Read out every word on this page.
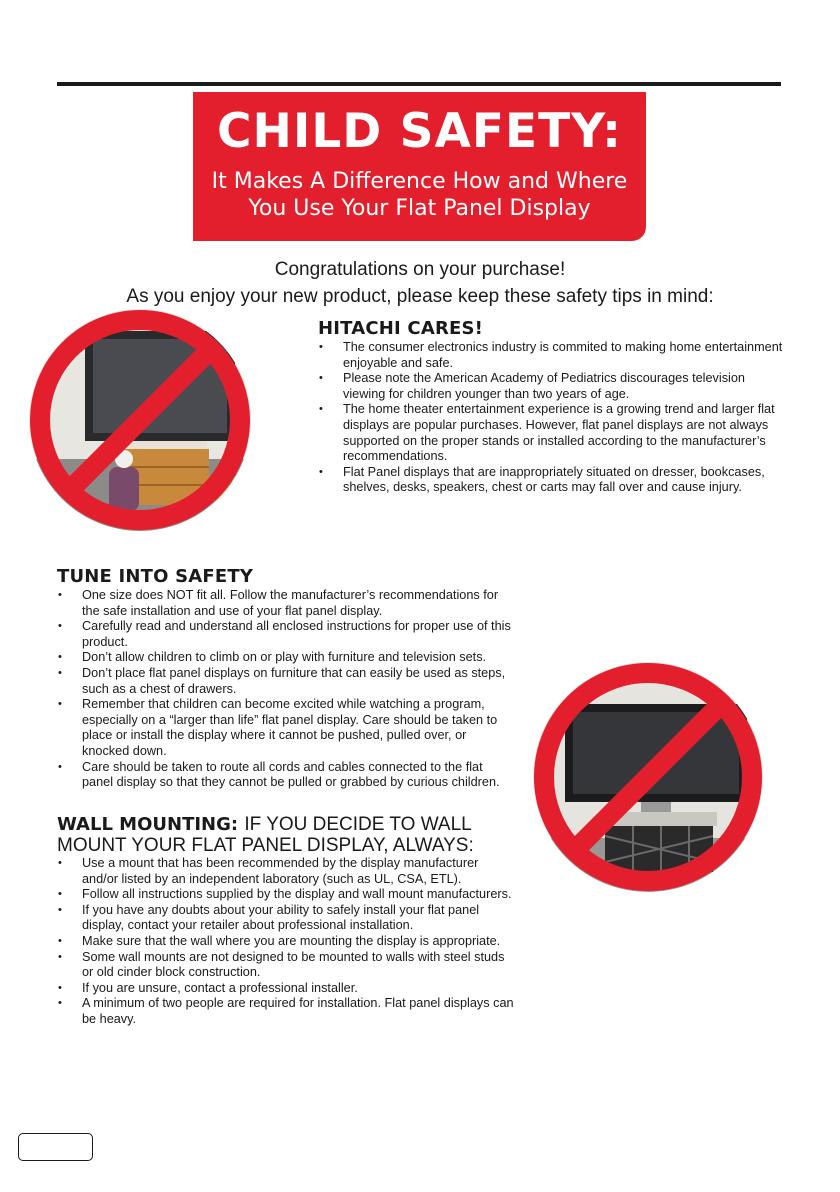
CHILD SAFETY:
It Makes A Difference How and Where
You Use Your Flat Panel Display
Congratulations on your purchase!
As you enjoy your new product, please keep these safety tips in mind:
HITACHI CARES!
• The consumer electronics industry is commited to making home entertainment enjoyable and safe.
• Please note the American Academy of Pediatrics discourages television viewing for children younger than two years of age.
• The home theater entertainment experience is a growing trend and larger flat displays are popular purchases. However, flat panel displays are not always supported on the proper stands or installed according to the manufacturer’s recommendations.
• Flat Panel displays that are inappropriately situated on dresser, bookcases, shelves, desks, speakers, chest or carts may fall over and cause injury.
TUNE INTO SAFETY
• One size does NOT fit all. Follow the manufacturer’s recommendations for the safe installation and use of your flat panel display.
• Carefully read and understand all enclosed instructions for proper use of this product.
• Don’t allow children to climb on or play with furniture and television sets.
• Don’t place flat panel displays on furniture that can easily be used as steps, such as a chest of drawers.
• Remember that children can become excited while watching a program, especially on a “larger than life” flat panel display. Care should be taken to place or install the display where it cannot be pushed, pulled over, or knocked down.
• Care should be taken to route all cords and cables connected to the flat panel display so that they cannot be pulled or grabbed by curious children.
WALL MOUNTING: IF YOU DECIDE TO WALL
MOUNT YOUR FLAT PANEL DISPLAY, ALWAYS:
• Use a mount that has been recommended by the display manufacturer and/or listed by an independent laboratory (such as UL, CSA, ETL).
• Follow all instructions supplied by the display and wall mount manufacturers.
• If you have any doubts about your ability to safely install your flat panel display, contact your retailer about professional installation.
• Make sure that the wall where you are mounting the display is appropriate.
• Some wall mounts are not designed to be mounted to walls with steel studs or old cinder block construction.
• If you are unsure, contact a professional installer.
• A minimum of two people are required for installation. Flat panel displays can be heavy.
